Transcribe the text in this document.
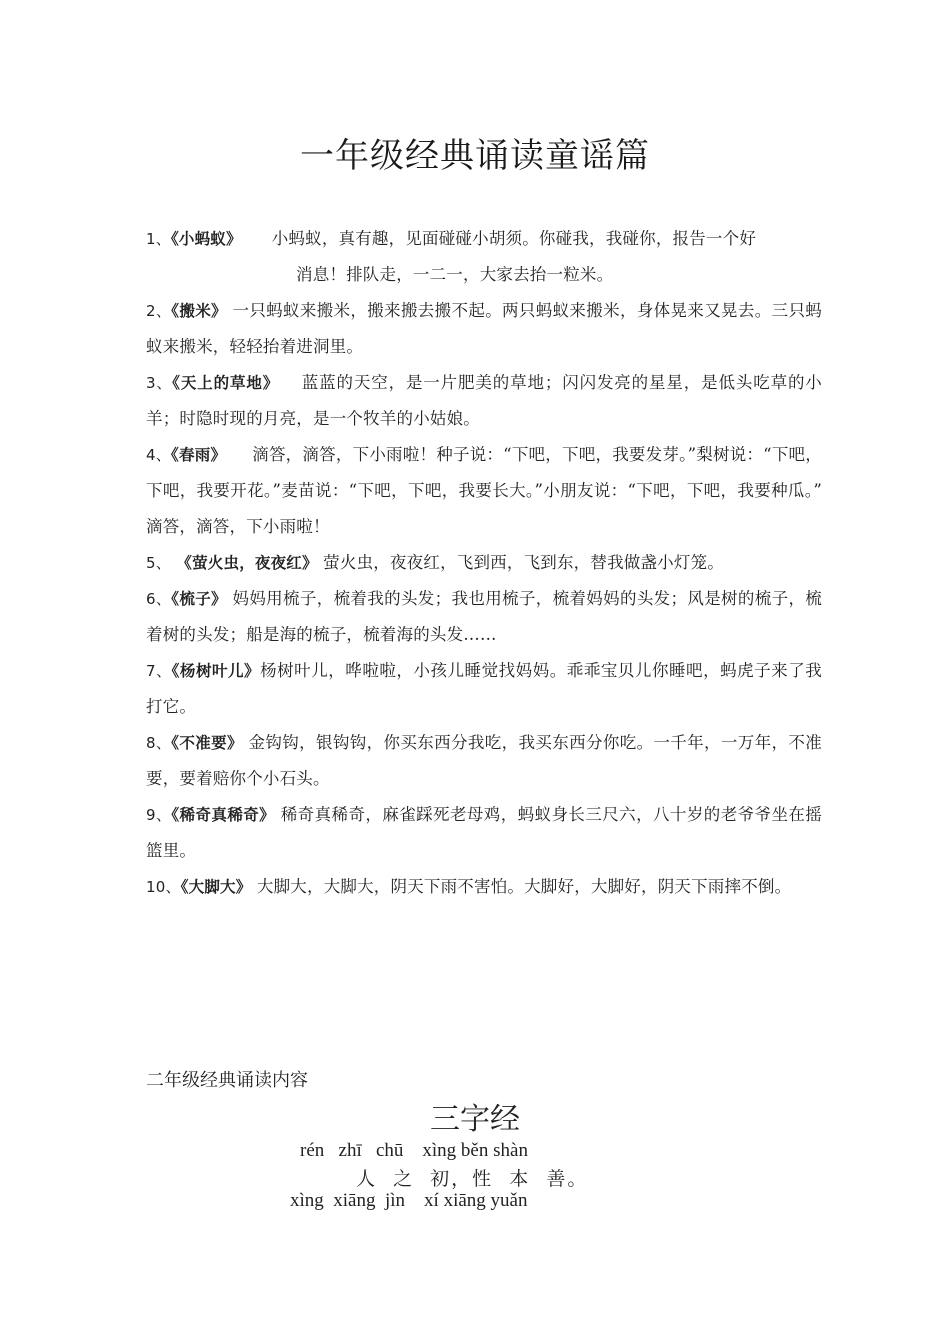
一年级经典诵读童谣篇

1、《小蚂蚁》 小蚂蚁，真有趣，见面碰碰小胡须。你碰我，我碰你，报告一个好
消息！排队走，一二一，大家去抬一粒米。

2、《搬米》 一只蚂蚁来搬米，搬来搬去搬不起。两只蚂蚁来搬米，身体晃来又晃去。三只蚂蚁来搬米，轻轻抬着进洞里。

3、《天上的草地》 蓝蓝的天空，是一片肥美的草地；闪闪发亮的星星，是低头吃草的小羊；时隐时现的月亮，是一个牧羊的小姑娘。

4、《春雨》 滴答，滴答，下小雨啦！种子说：“下吧，下吧，我要发芽。”梨树说：“下吧，下吧，我要开花。”麦苗说：“下吧，下吧，我要长大。”小朋友说：“下吧，下吧，我要种瓜。” 滴答，滴答，下小雨啦！

5、 《萤火虫，夜夜红》 萤火虫，夜夜红，飞到西，飞到东，替我做盏小灯笼。

6、《梳子》 妈妈用梳子，梳着我的头发；我也用梳子，梳着妈妈的头发；风是树的梳子，梳着树的头发；船是海的梳子，梳着海的头发……

7、《杨树叶儿》杨树叶儿，哗啦啦，小孩儿睡觉找妈妈。乖乖宝贝儿你睡吧，蚂虎子来了我打它。

8、《不准要》 金钩钩，银钩钩，你买东西分我吃，我买东西分你吃。一千年，一万年，不准要，要着赔你个小石头。

9、《稀奇真稀奇》 稀奇真稀奇，麻雀踩死老母鸡，蚂蚁身长三尺六，八十岁的老爷爷坐在摇篮里。

10、《大脚大》 大脚大，大脚大，阴天下雨不害怕。大脚好，大脚好，阴天下雨摔不倒。

二年级经典诵读内容
三字经
rén   zhī   chū    xìng běn shàn
人  之  初，性  本  善。
xìng  xiāng  jìn    xí xiāng yuǎn
